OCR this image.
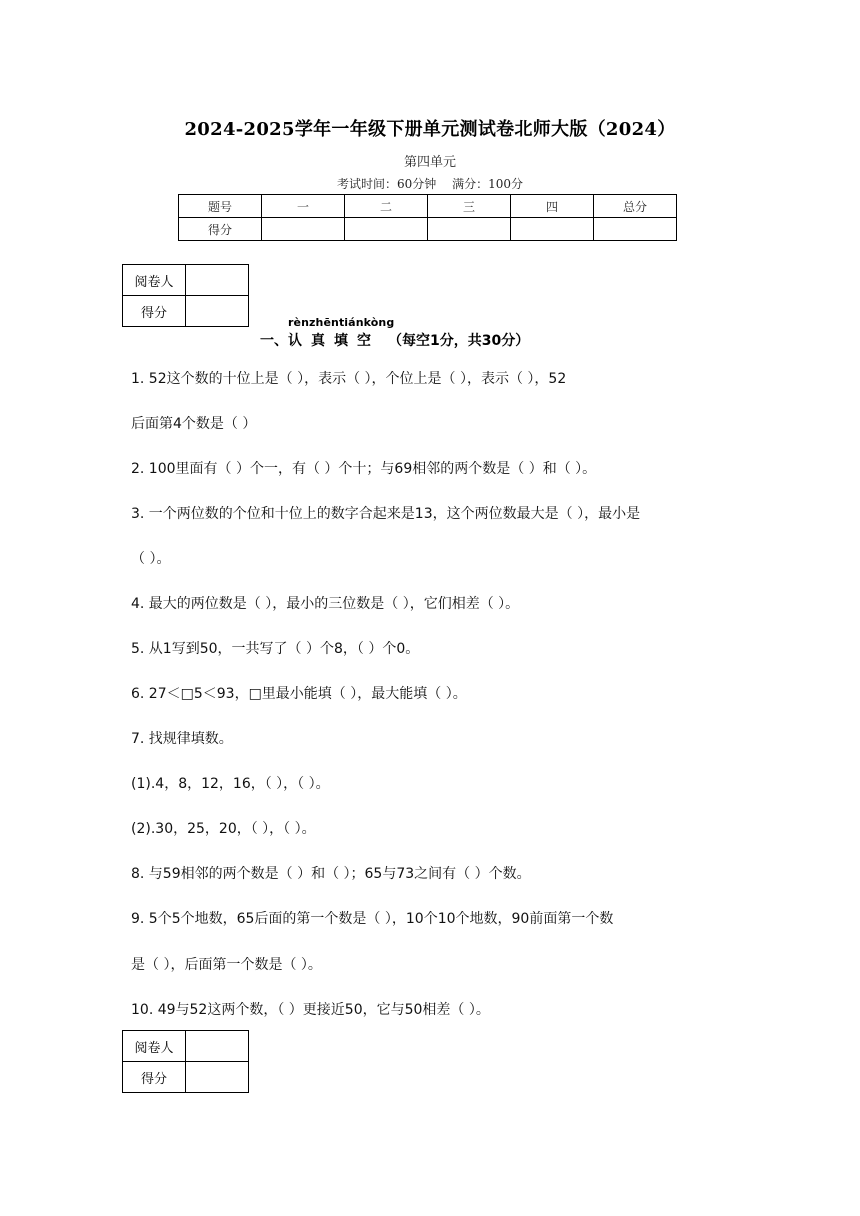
2024-2025学年一年级下册单元测试卷北师大版（2024）
第四单元
考试时间：60分钟 满分：100分
题号	一	二	三	四	总分
得分					
阅卷人	
得分	
rènzhēntiánkòng
一、 认真填空 （每空1分，共30分）
1. 52这个数的十位上是（ ），表示（ ），个位上是（ ），表示（ ），52
后面第4个数是（ ）
2. 100里面有（ ）个一，有（ ）个十；与69相邻的两个数是（ ）和（ ）。
3. 一个两位数的个位和十位上的数字合起来是13，这个两位数最大是（ ），最小是
（ ）。
4. 最大的两位数是（ ），最小的三位数是（ ），它们相差（ ）。
5. 从1写到50，一共写了（ ）个8，（ ）个0。
6. 27＜□5＜93，□里最小能填（ ），最大能填（ ）。
7. 找规律填数。
(1).4，8，12，16，（ ），（ ）。
(2).30，25，20，（ ），（ ）。
8. 与59相邻的两个数是（ ）和（ ）；65与73之间有（ ）个数。
9. 5个5个地数，65后面的第一个数是（ ），10个10个地数，90前面第一个数
是（ ），后面第一个数是（ ）。
10. 49与52这两个数，（ ）更接近50，它与50相差（ ）。
阅卷人	
得分	
